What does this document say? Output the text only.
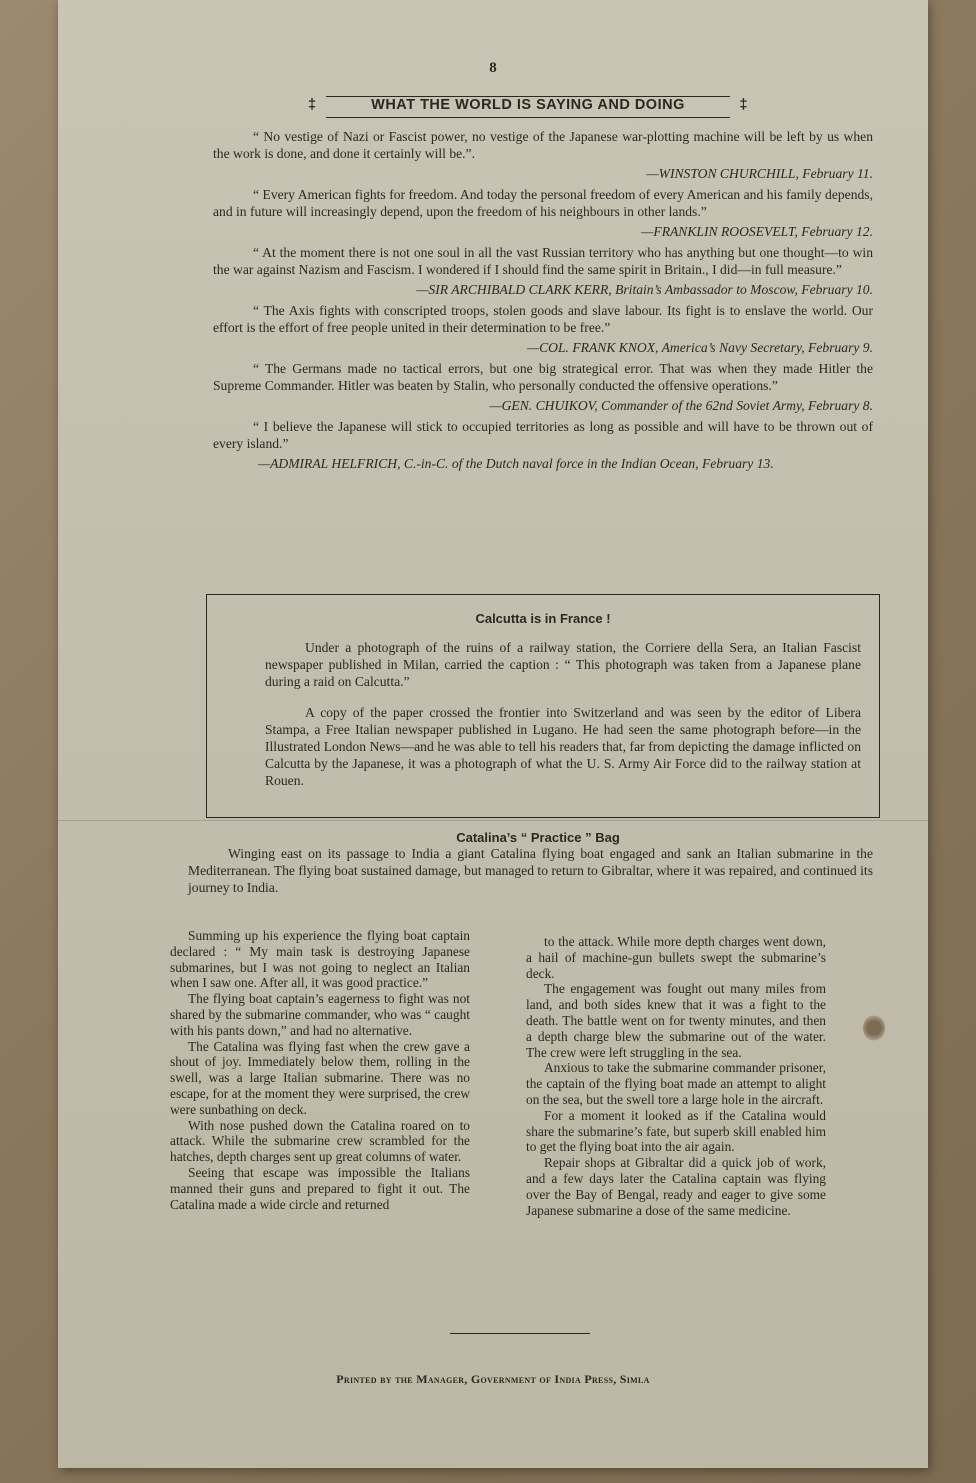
8
‡	WHAT THE WORLD IS SAYING AND DOING	‡
“ No vestige of Nazi or Fascist power, no vestige of the Japanese war-plotting machine will be left by us when the work is done, and done it certainly will be.”.
—WINSTON CHURCHILL, February 11.
“ Every American fights for freedom. And today the personal freedom of every American and his family depends, and in future will increasingly depend, upon the freedom of his neighbours in other lands.”
—FRANKLIN ROOSEVELT, February 12.
“ At the moment there is not one soul in all the vast Russian territory who has anything but one thought—to win the war against Nazism and Fascism. I wondered if I should find the same spirit in Britain., I did—in full measure.”
—SIR ARCHIBALD CLARK KERR, Britain’s Ambassador to Moscow, February 10.
“ The Axis fights with conscripted troops, stolen goods and slave labour. Its fight is to enslave the world. Our effort is the effort of free people united in their determination to be free.”
—COL. FRANK KNOX, America’s Navy Secretary, February 9.
“ The Germans made no tactical errors, but one big strategical error. That was when they made Hitler the Supreme Commander. Hitler was beaten by Stalin, who personally conducted the offensive operations.”
—GEN. CHUIKOV, Commander of the 62nd Soviet Army, February 8.
“ I believe the Japanese will stick to occupied territories as long as possible and will have to be thrown out of every island.”
—ADMIRAL HELFRICH, C.-in-C. of the Dutch naval force in the Indian Ocean, February 13.
Calcutta is in France !

Under a photograph of the ruins of a railway station, the Corriere della Sera, an Italian Fascist newspaper published in Milan, carried the caption : “ This photograph was taken from a Japanese plane during a raid on Calcutta.”

A copy of the paper crossed the frontier into Switzerland and was seen by the editor of Libera Stampa, a Free Italian newspaper published in Lugano. He had seen the same photograph before—in the Illustrated London News—and he was able to tell his readers that, far from depicting the damage inflicted on Calcutta by the Japanese, it was a photograph of what the U. S. Army Air Force did to the railway station at Rouen.

Catalina’s “ Practice ” Bag
Winging east on its passage to India a giant Catalina flying boat engaged and sank an Italian submarine in the Mediterranean. The flying boat sustained damage, but managed to return to Gibraltar, where it was repaired, and continued its journey to India.

Summing up his experience the flying boat captain declared : “ My main task is destroying Japanese submarines, but I was not going to neglect an Italian when I saw one. After all, it was good practice.”

The flying boat captain’s eagerness to fight was not shared by the submarine commander, who was “ caught with his pants down,” and had no alternative.

The Catalina was flying fast when the crew gave a shout of joy. Immediately below them, rolling in the swell, was a large Italian submarine. There was no escape, for at the moment they were surprised, the crew were sunbathing on deck.

With nose pushed down the Catalina roared on to attack. While the submarine crew scrambled for the hatches, depth charges sent up great columns of water.

Seeing that escape was impossible the Italians manned their guns and prepared to fight it out. The Catalina made a wide circle and returned

to the attack. While more depth charges went down, a hail of machine-gun bullets swept the submarine’s deck.

The engagement was fought out many miles from land, and both sides knew that it was a fight to the death. The battle went on for twenty minutes, and then a depth charge blew the submarine out of the water. The crew were left struggling in the sea.

Anxious to take the submarine commander prisoner, the captain of the flying boat made an attempt to alight on the sea, but the swell tore a large hole in the aircraft.

For a moment it looked as if the Catalina would share the submarine’s fate, but superb skill enabled him to get the flying boat into the air again.

Repair shops at Gibraltar did a quick job of work, and a few days later the Catalina captain was flying over the Bay of Bengal, ready and eager to give some Japanese submarine a dose of the same medicine.

Printed by the Manager, Government of India Press, Simla
